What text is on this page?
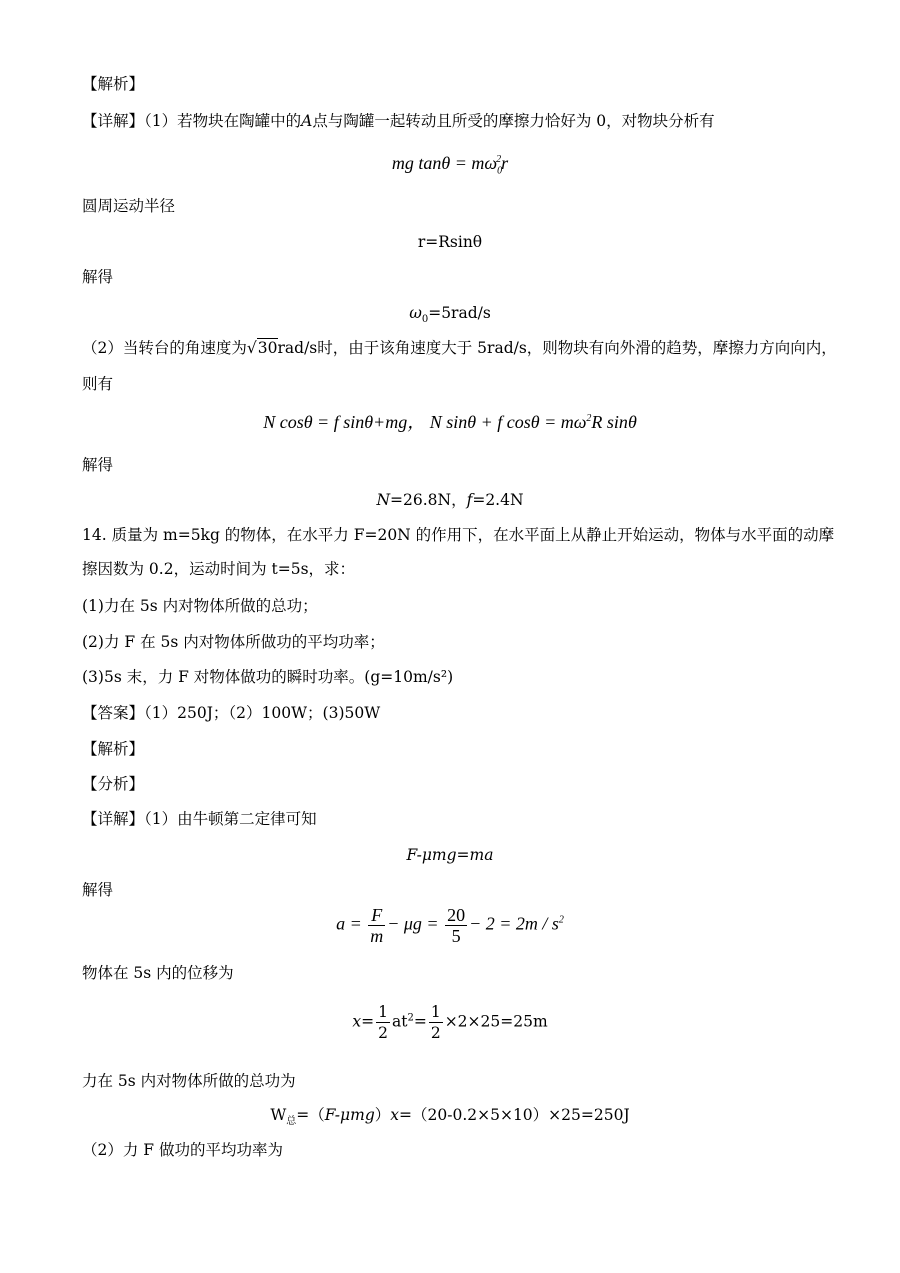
【解析】
【详解】（1）若物块在陶罐中的A点与陶罐一起转动且所受的摩擦力恰好为 0，对物块分析有
mg $\tan\theta = m\omega_0^2r$
圆周运动半径
r=Rsinθ
解得
$\omega_0=5rad/s$
（2）当转台的角速度为√30rad/s时，由于该角速度大于 5rad/s，则物块有向外滑的趋势，摩擦力方向向内，
则有
N cosθ = f sinθ+mg， N sinθ + f $\cos\theta = m\omega^2R$ sinθ
解得
N=26.8N，f=2.4N
14. 质量为 m=5kg 的物体，在水平力 F=20N 的作用下，在水平面上从静止开始运动，物体与水平面的动摩
擦因数为 0.2，运动时间为 t=5s，求：
(1)力在 5s 内对物体所做的总功；
(2)力 F 在 5s 内对物体所做功的平均功率；
(3)5s 末，力 F 对物体做功的瞬时功率。(g=10m/s²)
【答案】（1）250J；（2）100W；(3)50W
【解析】
【分析】
【详解】（1）由牛顿第二定律可知
F-μmg=ma
解得
$a = \frac{F}{m} - \mu g = \frac{20}{5} - 2 = 2m / s^2$
物体在 5s 内的位移为
$x= \frac{1}{2} at^2= \frac{1}{2} \times 2\times 25=25m$
力在 5s 内对物体所做的总功为
$W_总=(F-\mu mg)x=(20-0.2\times 5\times 10)\times 25=250J$
（2）力 F 做功的平均功率为
